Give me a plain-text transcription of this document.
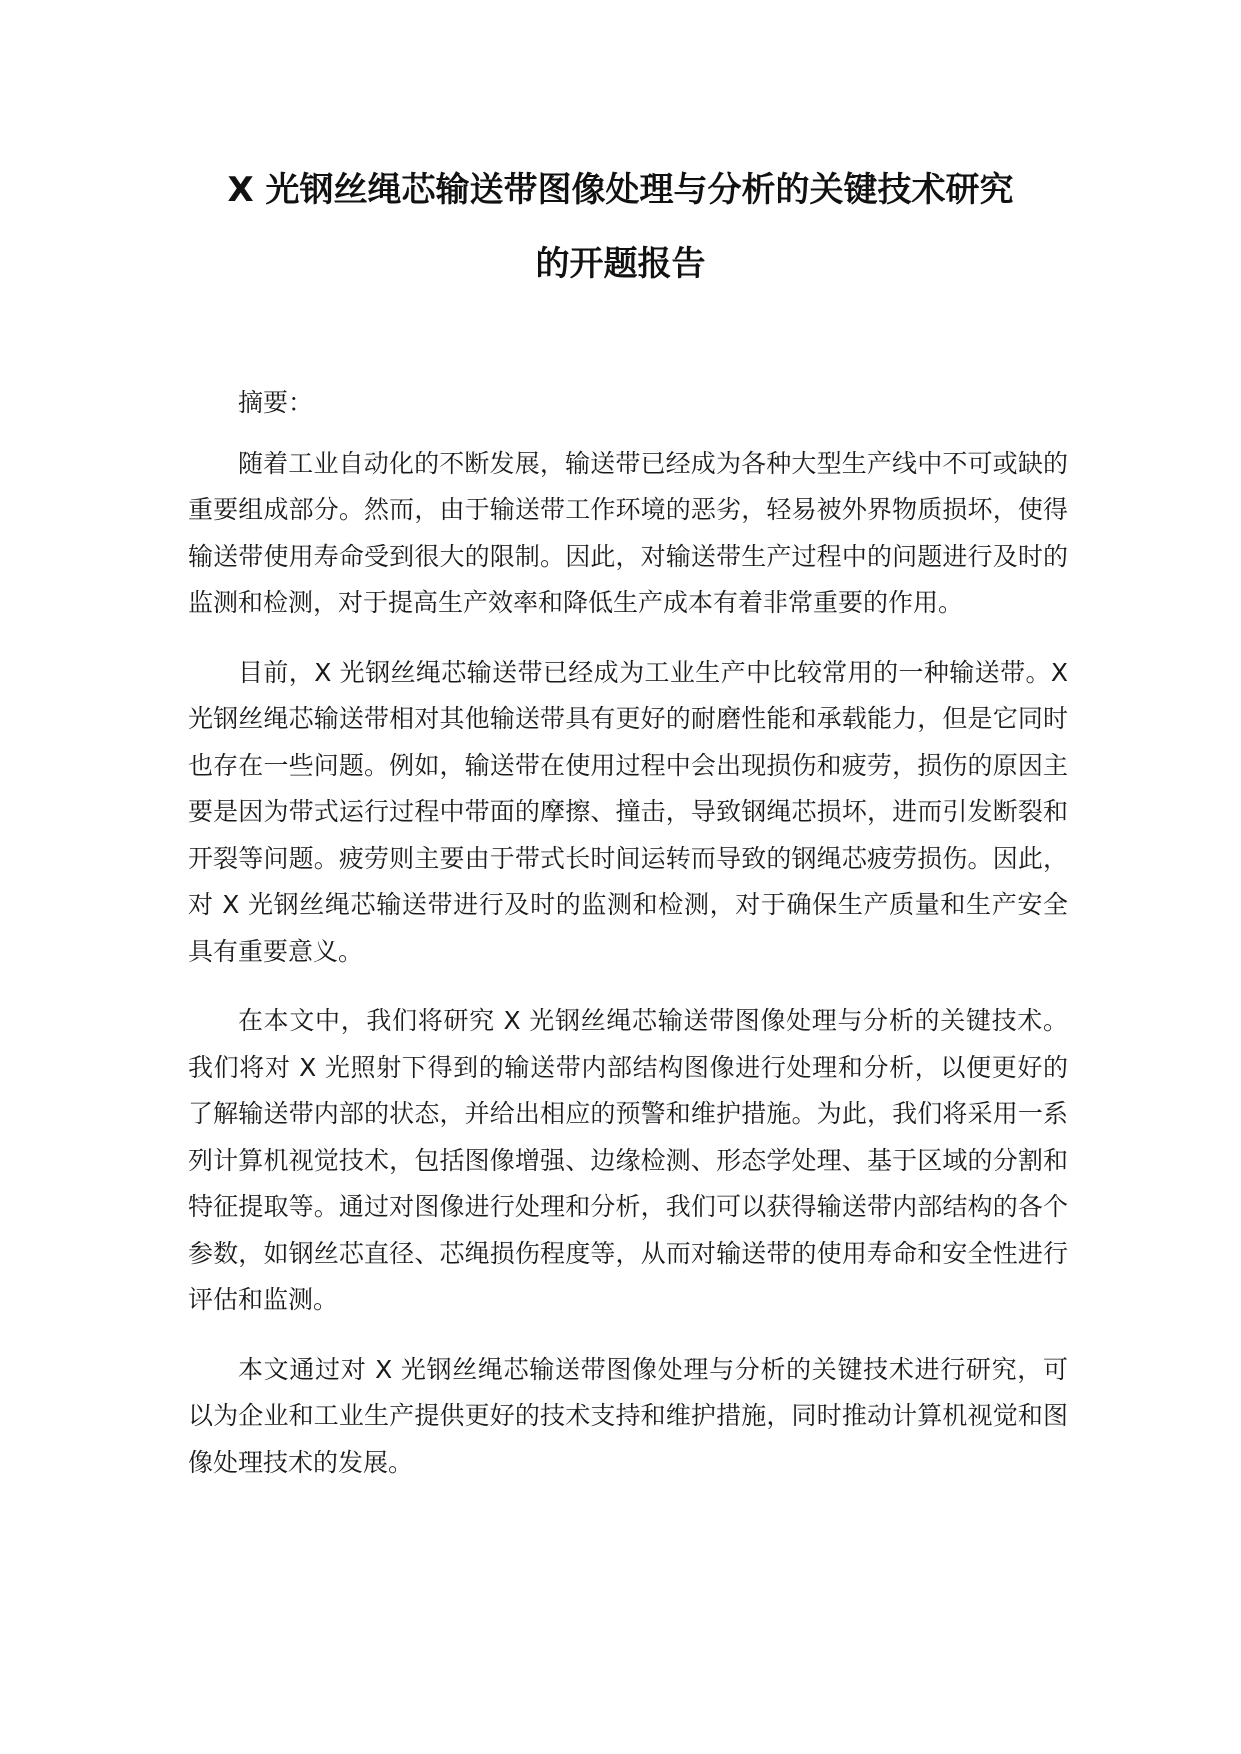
X 光钢丝绳芯输送带图像处理与分析的关键技术研究
的开题报告

摘要：

随着工业自动化的不断发展，输送带已经成为各种大型生产线中不可或缺的重要组成部分。然而，由于输送带工作环境的恶劣，轻易被外界物质损坏，使得输送带使用寿命受到很大的限制。因此，对输送带生产过程中的问题进行及时的监测和检测，对于提高生产效率和降低生产成本有着非常重要的作用。

目前，X 光钢丝绳芯输送带已经成为工业生产中比较常用的一种输送带。X 光钢丝绳芯输送带相对其他输送带具有更好的耐磨性能和承载能力，但是它同时也存在一些问题。例如，输送带在使用过程中会出现损伤和疲劳，损伤的原因主要是因为带式运行过程中带面的摩擦、撞击，导致钢绳芯损坏，进而引发断裂和开裂等问题。疲劳则主要由于带式长时间运转而导致的钢绳芯疲劳损伤。因此，对 X 光钢丝绳芯输送带进行及时的监测和检测，对于确保生产质量和生产安全具有重要意义。

在本文中，我们将研究 X 光钢丝绳芯输送带图像处理与分析的关键技术。我们将对 X 光照射下得到的输送带内部结构图像进行处理和分析，以便更好的了解输送带内部的状态，并给出相应的预警和维护措施。为此，我们将采用一系列计算机视觉技术，包括图像增强、边缘检测、形态学处理、基于区域的分割和特征提取等。通过对图像进行处理和分析，我们可以获得输送带内部结构的各个参数，如钢丝芯直径、芯绳损伤程度等，从而对输送带的使用寿命和安全性进行评估和监测。

本文通过对 X 光钢丝绳芯输送带图像处理与分析的关键技术进行研究，可以为企业和工业生产提供更好的技术支持和维护措施，同时推动计算机视觉和图像处理技术的发展。
